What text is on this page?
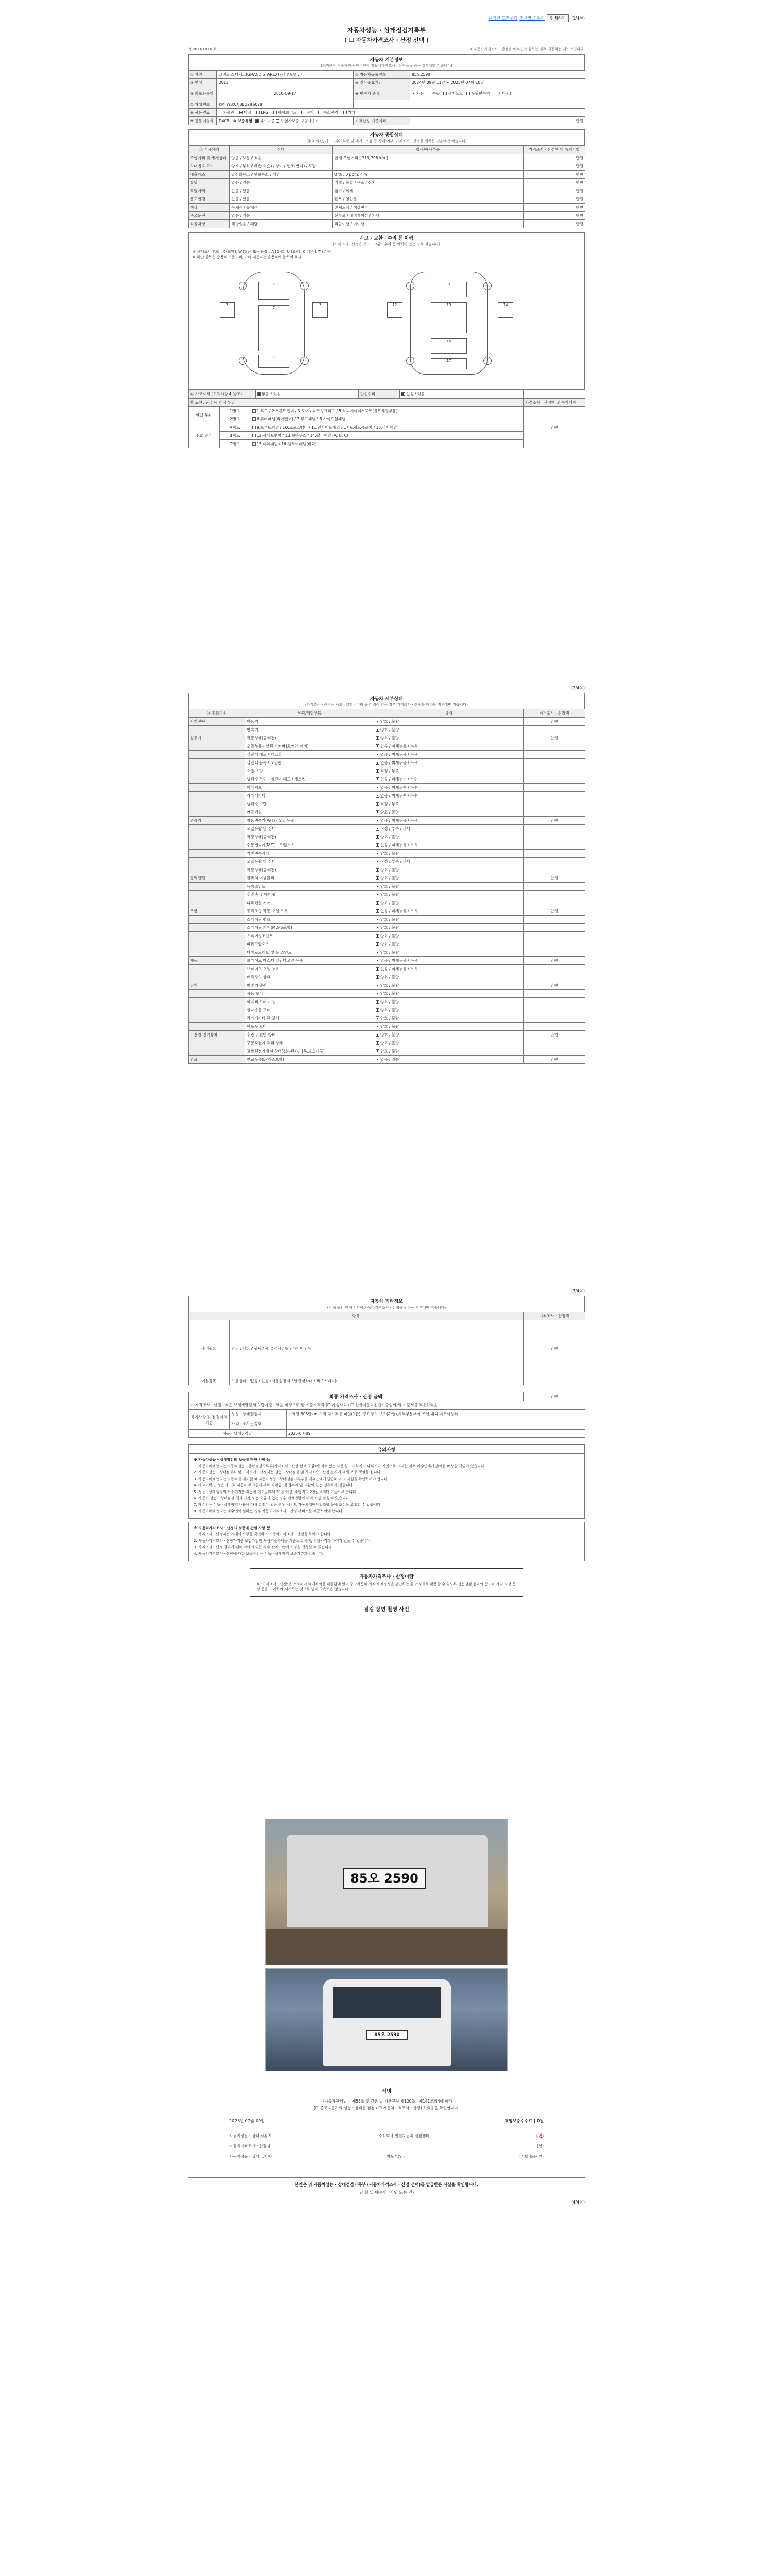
온라인 고객센터 전산발급 문의	인쇄하기	(1/4쪽)
자동차성능 · 상태점검기록부
( ☐ 자동차가격조사 · 산정 선택 )
제 20XXXXXX 호	※ 자동차가격조사 · 산정은 매수인이 원하는 경우 제공하는 서비스입니다.
자동차 기본정보
(가격산정 기준가격은 매수인이 자동차가격조사 · 산정을 원하는 경우에만 적습니다)
① 차명	그랜드 스타렉스(GRAND STAREX) (세부모델 : )	② 자동차등록번호	85오2590
③ 연식	2011	④ 검사유효기간	2024년 09월 11일 ~ 2025년 07월 10일
⑤ 최초등록일	2010-09-17	⑥ 변속기 종류	자동 수동 세미오토 무단변속기 기타 ( )
⑦ 차대번호	KMFWBX7JBBU286028		
⑧ 사용연료	가솔린 디젤 LPG 하이브리드 전기 수소전기 기타		
⑨ 원동기형식	D4CB ⑩ 보증유형 자가보증 보험사보증 보험사 ( )	가격산정 기준가격	만원
자동차 종합상태
(주요 외관, 사고 · 수리부품 및 배기 · 소음 등 상태 여부, 가격조사 · 산정을 원하는 경우에만 적습니다)
⑪ 사용이력	상태	항목/해당부품	가격조사 · 산정액 및 특기사항
주행거리 및 계기상태	많음 / 보통 / 적음	현재 주행거리 [ 319,798 km ]	만원
차대번호 표기	양호 / 부식 / 훼손(오손) / 상이 / 변조(변타) / 도말		만원
배출가스	일산화탄소 / 탄화수소 / 매연	0 % , 0 ppm, 4 %	만원
튜닝	없음 / 있음	적법 / 불법 / 구조 / 장치	만원
특별이력	없음 / 있음	침수 / 화재	만원
용도변경	없음 / 있음	렌트 / 영업용	만원
색상	무채색 / 유채색	전체도색 / 색상변경	만원
주요옵션	없음 / 있음	선루프 / 네비게이션 / 기타	만원
리콜대상	해당없음 / 해당	리콜이행 / 미이행	만원
사고 · 교환 · 수리 등 이력
(가격조사 · 산정은 사고 · 교환 · 수리 등 이력이 있는 경우 적습니다)
※ 상태표시 부호 : X (교환), W (판금 또는 용접), A (흠집), U (요철), C (부식), T (손상)
※ 하단 항목은 승용차 기준이며, 기타 자동차는 승용차에 준하여 표시
1
7
4
9
15
16
17
3
2	14
12
⑫ 사고이력 (유의사항 4 참조)	없음 / 있음	단순수리	없음 / 있음	
⑬ 교환, 판금 등 이상 부위			가격조사 · 산정액 및 특기사항
외판 부위	1랭크	1.후드 / 2.프론트펜더 / 3.도어 / 4.트렁크리드 / 5.라디에이터서포트(볼트체결부품)	만원
	2랭크	6.쿼터패널(리어펜더) / 7.루프패널 / 8.사이드실패널	
주요 골격	A랭크	9.프론트패널 / 10.크로스멤버 / 11.인사이드패널 / 17.트렁크플로어 / 18.리어패널	
	B랭크	12.사이드멤버 / 13.휠하우스 / 14.필러패널 (A, B, C)	
	C랭크	15.대쉬패널 / 16.플로어패널(바닥)	
(2/4쪽)
자동차 세부상태
(가격조사 · 산정은 사고 · 교환 · 수리 등 이력이 있는 경우 가격조사 · 산정을 원하는 경우에만 적습니다)
⑭ 주요장치	항목/해당부품	상태	가격조사 · 산정액
자기진단	원동기	양호 / 불량	만원
	변속기	양호 / 불량	
원동기	작동상태(공회전)	양호 / 불량	만원
	오일누유 - 실린더 커버(로커암 커버)	없음 / 미세누유 / 누유	
	실린더 헤드 / 개스킷	없음 / 미세누유 / 누유	
	실린더 블록 / 오일팬	없음 / 미세누유 / 누유	
	오일 유량	적정 / 부족	
	냉각수 누수 - 실린더 헤드 / 개스킷	없음 / 미세누수 / 누수	
	워터펌프	없음 / 미세누수 / 누수	
	라디에이터	없음 / 미세누수 / 누수	
	냉각수 수량	적정 / 부족	
	커먼레일	양호 / 불량	
변속기	자동변속기(A/T) - 오일누유	없음 / 미세누유 / 누유	만원
	오일유량 및 상태	적정 / 부족 / 과다	
	작동상태(공회전)	양호 / 불량	
	수동변속기(M/T) - 오일누유	없음 / 미세누유 / 누유	
	기어변속장치	양호 / 불량	
	오일유량 및 상태	적정 / 부족 / 과다	
	작동상태(공회전)	양호 / 불량	
동력전달	클러치 어셈블리	양호 / 불량	만원
	등속조인트	양호 / 불량	
	추진축 및 베어링	양호 / 불량	
	디퍼렌셜 기어	양호 / 불량	
조향	동력조향 작동 오일 누유	없음 / 미세누유 / 누유	만원
	스티어링 펌프	양호 / 불량	
	스티어링 기어(MDPS포함)	양호 / 불량	
	스티어링조인트	양호 / 불량	
	파워고압호스	양호 / 불량	
	타이로드엔드 및 볼 조인트	양호 / 불량	
제동	브레이크 마스터 실린더오일 누유	없음 / 미세누유 / 누유	만원
	브레이크 오일 누유	없음 / 미세누유 / 누유	
	배력장치 상태	양호 / 불량	
전기	발전기 출력	양호 / 불량	만원
	시동 모터	양호 / 불량	
	와이퍼 모터 기능	양호 / 불량	
	실내송풍 모터	양호 / 불량	
	라디에이터 팬 모터	양호 / 불량	
	윈도우 모터	양호 / 불량	
고전원 전기장치	충전구 절연 상태	양호 / 불량	만원
	구동축전지 격리 상태	양호 / 불량	
	고전원전기배선 상태(접속단자,피복,보호기구)	양호 / 불량	
연료	연료누출(LP가스포함)	없음 / 있음	만원
(3/4쪽)
자동차 기타정보
(각 항목의 원 매수인이 자동차가격조사 · 산정을 원하는 경우에만 적습니다)
항목		가격조사 · 산정액
수리필요	외장 / 내장 / 광택 / 룸 클리닝 / 휠 / 타이어 / 유리	만원
기본품목	보유상태 : 없음 / 있음 (사용설명서 / 안전삼각대 / 잭 / 스패너)	
최종 가격조사 · 산정 금액	만원
이 가격조사 · 산정가격은 보험개발원의 차량기준가액을 바탕으로 한 기준가격과 (☐ 기술사회 / ☐ 한국자동차진단보증협회)의 기준서를 적용하였음.
특기사항 및 점검자의 의견	성능 · 상태점검자	가격점 305만km 초과 차가부동 파일(1급), 주요장치 보유(확인),하부부분부식 조인 내외 미조색상위
	가격 · 조사산정자	
성능 · 상태점검일		2025-07-09
유의사항

※ 자동차성능 · 상태점검의 보증에 관한 사항 등

1. 자동차매매업자는 자동차성능 · 상태점검기록부(가격조사 · 산정 선택 포함)에 적혀 있는 내용을 고지하지 아니하거나 거짓으로 고지한 경우 매수인에게 손해를 배상할 책임이 있습니다.

2. 자동차성능 · 상태점검자 및 가격조사 · 산정자는 성능 · 상태점검 및 가격조사 · 산정 결과에 대해 보증 책임을 집니다.

3. 자동차매매업자는 자동차를 매도할 때 자동차성능 · 상태점검기록부를 매수인에게 발급하고 그 사실을 확인하여야 합니다.

4. 사고이력 인정은 사고로 자동차 주요골격 부위의 판금, 용접수리 및 교환이 있는 경우로 한정합니다.

5. 성능 · 상태점검의 보증기간은 자동차 인도일부터 30일 이상, 주행거리 2천킬로미터 이상으로 합니다.

6. 자동차 성능 · 상태점검 결과 거짓 또는 오류가 있는 경우 관계법령에 따라 처벌 받을 수 있습니다.

7. 매수인은 성능 · 상태점검 내용에 대해 분쟁이 있는 경우 시 · 도 자동차매매사업조합 등에 조정을 요청할 수 있습니다.

8. 자동차매매업자는 매수인이 원하는 경우 자동차가격조사 · 산정 서비스를 제공하여야 합니다.

※ 자동차가격조사 · 산정의 보증에 관한 사항 등

1. 가격조사 · 산정자는 아래의 사항을 확인하여 자동차가격조사 · 산정을 하여야 합니다.

2. 자동차가격조사 · 산정가격은 보험개발원 차량기준가액을 기준으로 하며, 시장가격과 차이가 있을 수 있습니다.

3. 가격조사 · 산정 결과에 대해 이의가 있는 경우 관계기관에 조정을 신청할 수 있습니다.

4. 자동차가격조사 · 산정에 대한 보증기간은 성능 · 상태점검 보증기간과 같습니다.

자동차가격조사 · 산정이란
※ "가격조사 · 산정"은 소비자가 매매계약을 체결함에 있어 중고자동차 가격의 적정성을 판단하는 참고 자료로 활용할 수 있도록 성능점검 결과와 중고차 가격 시장 동향 등을 고려하여 제시하는 것으로 법적 구속력은 없습니다.
점검 장면 촬영 사진
85오 2590
85오 2590
서명
「자동차관리법」 제58조 및 같은 법 시행규칙 제120조 · 제141조의4에 따라
(☐ 중고자동차의 성능 · 상태를 점검 / ☐ 자동차가격조사 · 산정) 하였음을 확인합니다.
2025년 07월 09일	책임보증수수료 | 0원
자동차성능 · 상태 점검자	주식회사 인천자동차 점검센터	(인)
자동차가격조사 · 산정자	(인)
자동차성능 · 상태 고지자	자도시(인)	(서명 또는 인)
본인은 위 자동차성능 · 상태점검기록부 (자동차가격조사 · 산정 선택)를 발급받은 사실을 확인합니다.
년 월 일 매수인 (서명 또는 인)
(4/4쪽)
